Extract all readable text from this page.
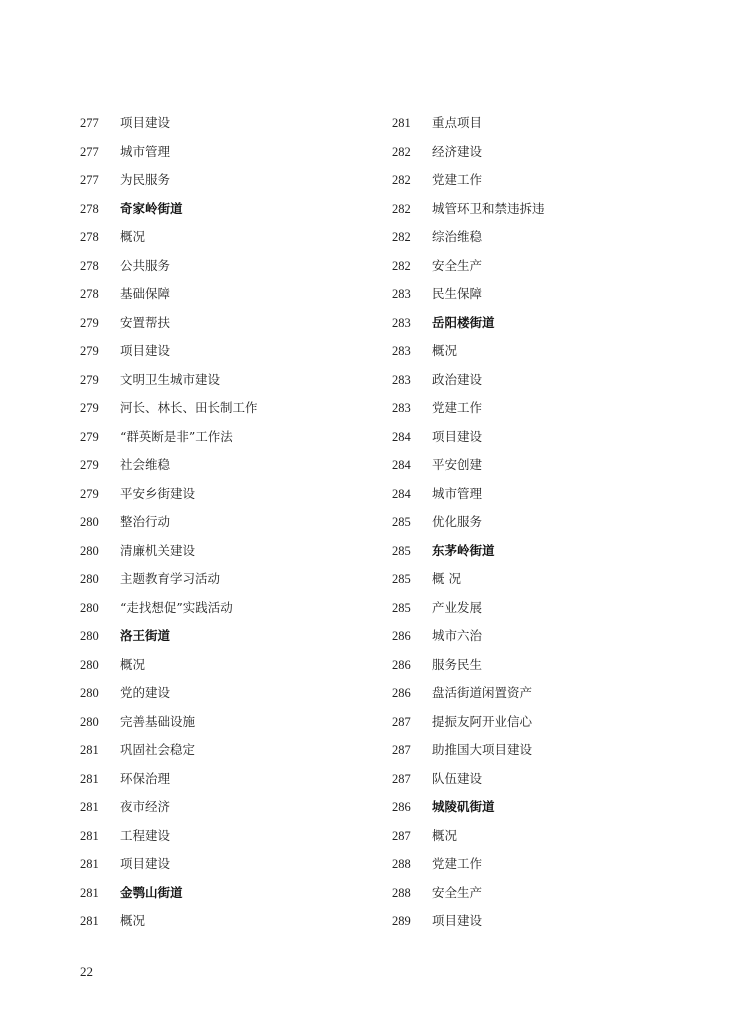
277	项目建设
277	城市管理
277	为民服务
278	奇家岭街道
278	概况
278	公共服务
278	基础保障
279	安置帮扶
279	项目建设
279	文明卫生城市建设
279	河长、林长、田长制工作
279	“群英断是非”工作法
279	社会维稳
279	平安乡街建设
280	整治行动
280	清廉机关建设
280	主题教育学习活动
280	“走找想促”实践活动
280	洛王街道
280	概况
280	党的建设
280	完善基础设施
281	巩固社会稳定
281	环保治理
281	夜市经济
281	工程建设
281	项目建设
281	金鹗山街道
281	概况
281	重点项目
282	经济建设
282	党建工作
282	城管环卫和禁违拆违
282	综治维稳
282	安全生产
283	民生保障
283	岳阳楼街道
283	概况
283	政治建设
283	党建工作
284	项目建设
284	平安创建
284	城市管理
285	优化服务
285	东茅岭街道
285	概 况
285	产业发展
286	城市六治
286	服务民生
286	盘活街道闲置资产
287	提振友阿开业信心
287	助推国大项目建设
287	队伍建设
286	城陵矶街道
287	概况
288	党建工作
288	安全生产
289	项目建设
22
